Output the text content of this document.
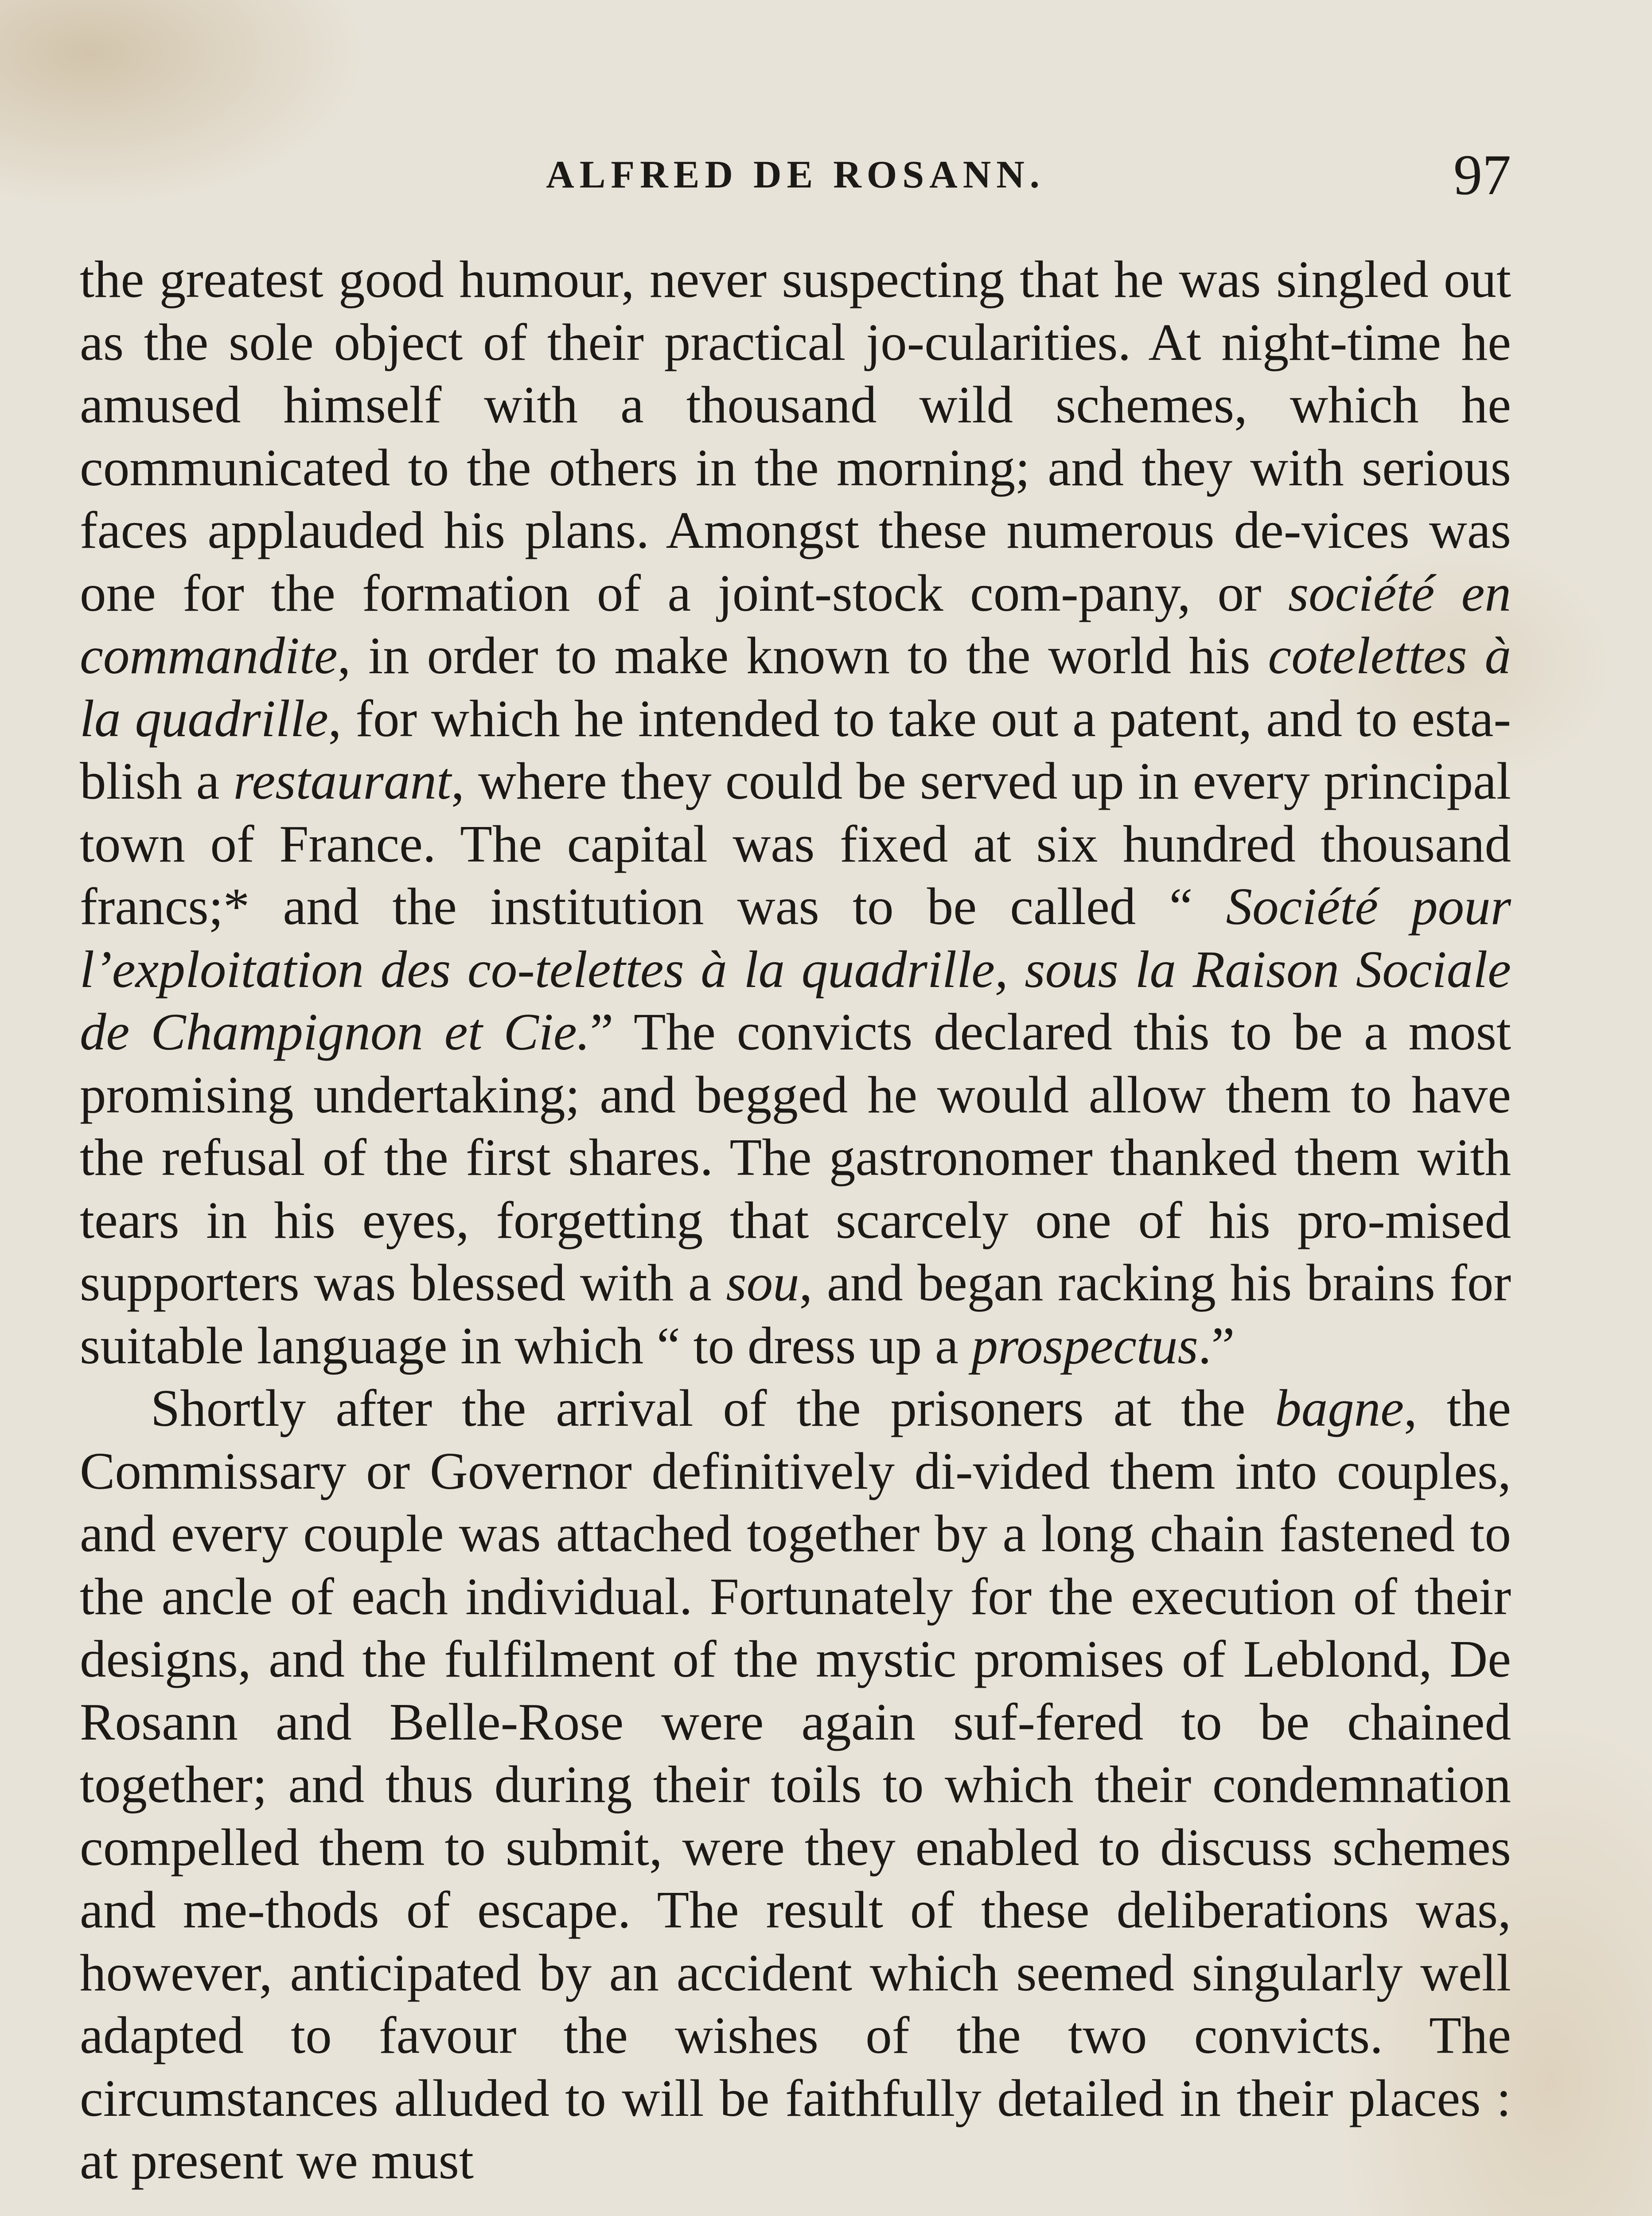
ALFRED DE ROSANN.	97

the greatest good humour, never suspecting that he was singled out as the sole object of their practical jo-cularities. At night-time he amused himself with a thousand wild schemes, which he communicated to the others in the morning; and they with serious faces applauded his plans. Amongst these numerous de-vices was one for the formation of a joint-stock com-pany, or société en commandite, in order to make known to the world his cotelettes à la quadrille, for which he intended to take out a patent, and to esta-blish a restaurant, where they could be served up in every principal town of France. The capital was fixed at six hundred thousand francs;* and the institution was to be called “ Société pour l’exploitation des co-telettes à la quadrille, sous la Raison Sociale de Champignon et Cie.” The convicts declared this to be a most promising undertaking; and begged he would allow them to have the refusal of the first shares. The gastronomer thanked them with tears in his eyes, forgetting that scarcely one of his pro-mised supporters was blessed with a sou, and began racking his brains for suitable language in which “ to dress up a prospectus.”

Shortly after the arrival of the prisoners at the bagne, the Commissary or Governor definitively di-vided them into couples, and every couple was attached together by a long chain fastened to the ancle of each individual. Fortunately for the execution of their designs, and the fulfilment of the mystic promises of Leblond, De Rosann and Belle-Rose were again suf-fered to be chained together; and thus during their toils to which their condemnation compelled them to submit, were they enabled to discuss schemes and me-thods of escape. The result of these deliberations was, however, anticipated by an accident which seemed singularly well adapted to favour the wishes of the two convicts. The circumstances alluded to will be faithfully detailed in their places : at present we must
